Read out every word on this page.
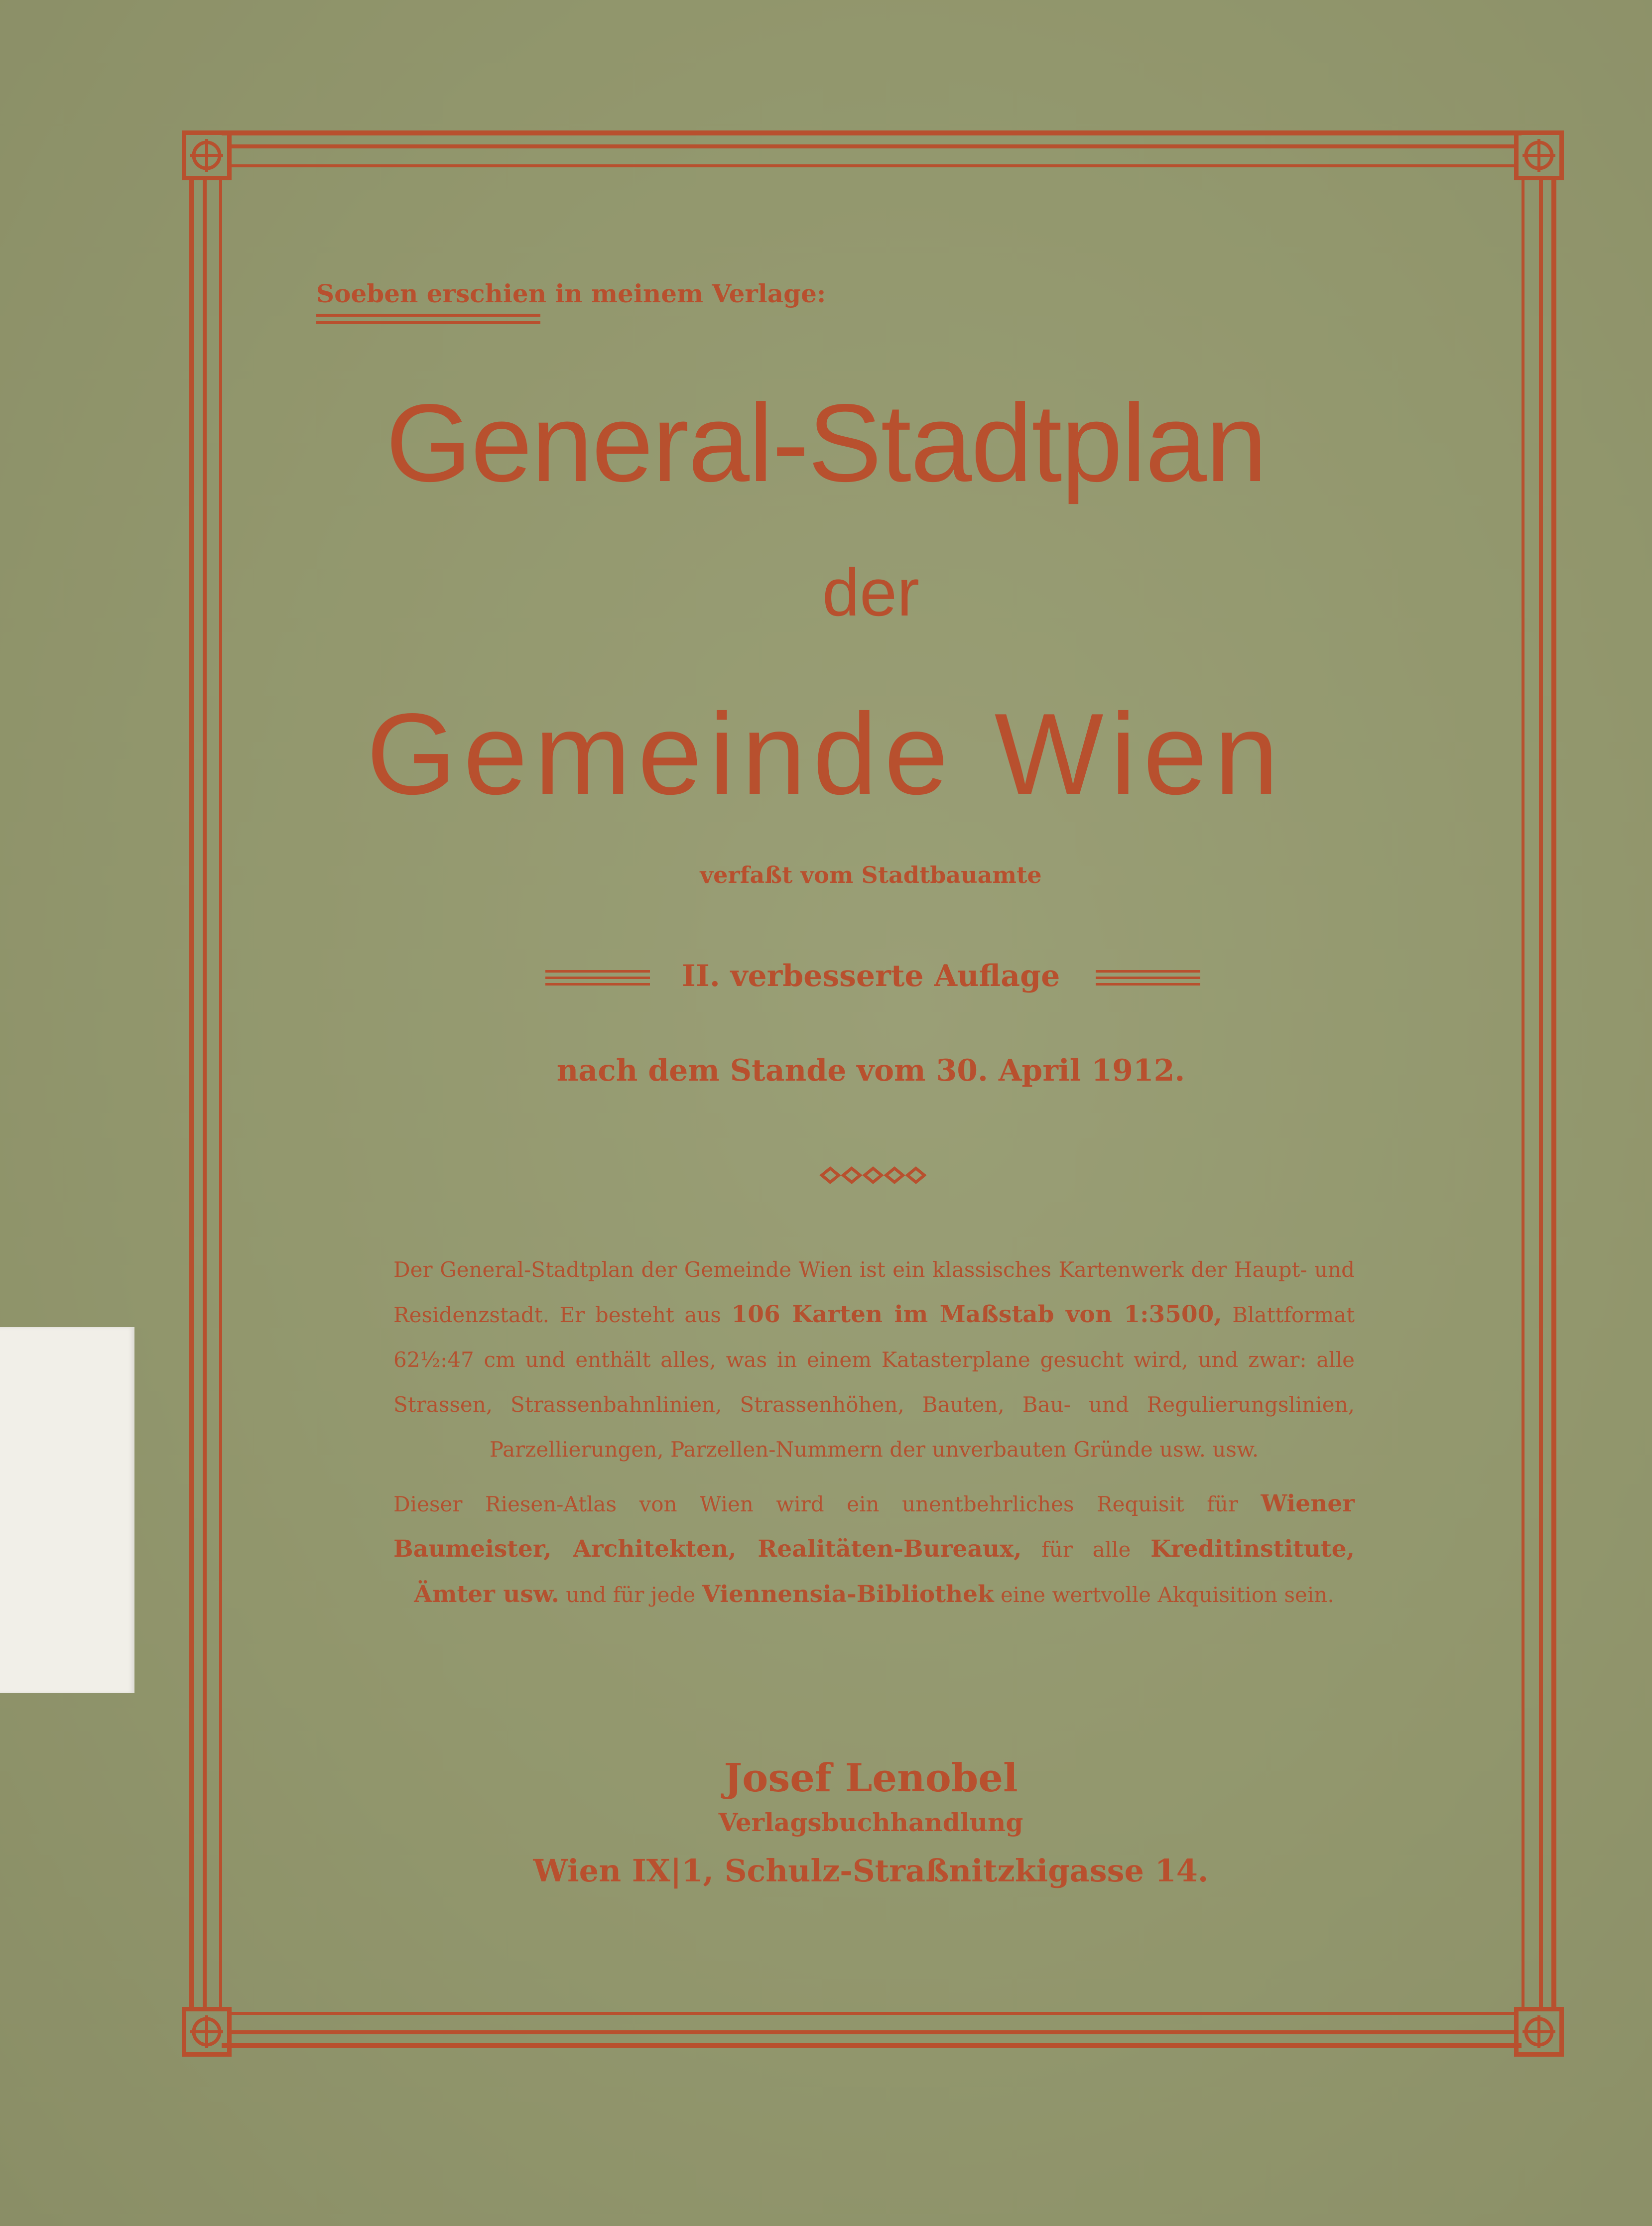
Soeben erschien in meinem Verlage:
General-Stadtplan
der
Gemeinde Wien
verfaßt vom Stadtbauamte
II. verbesserte Auflage
nach dem Stande vom 30. April 1912.
Der General-Stadtplan der Gemeinde Wien ist ein klassisches Kartenwerk der Haupt- und Residenzstadt. Er besteht aus 106 Karten im Maßstab von 1:3500, Blattformat 62½:47 cm und enthält alles, was in einem Katasterplane gesucht wird, und zwar: alle Strassen, Strassenbahnlinien, Strassenhöhen, Bauten, Bau- und Regulierungslinien, Parzellierungen, Parzellen-Nummern der unverbauten Gründe usw. usw.
Dieser Riesen-Atlas von Wien wird ein unentbehrliches Requisit für Wiener Baumeister, Architekten, Realitäten-Bureaux, für alle Kreditinstitute, Ämter usw. und für jede Viennensia-Bibliothek eine wertvolle Akquisition sein.
Josef Lenobel
Verlagsbuchhandlung
Wien IX|1, Schulz-Straßnitzkigasse 14.
